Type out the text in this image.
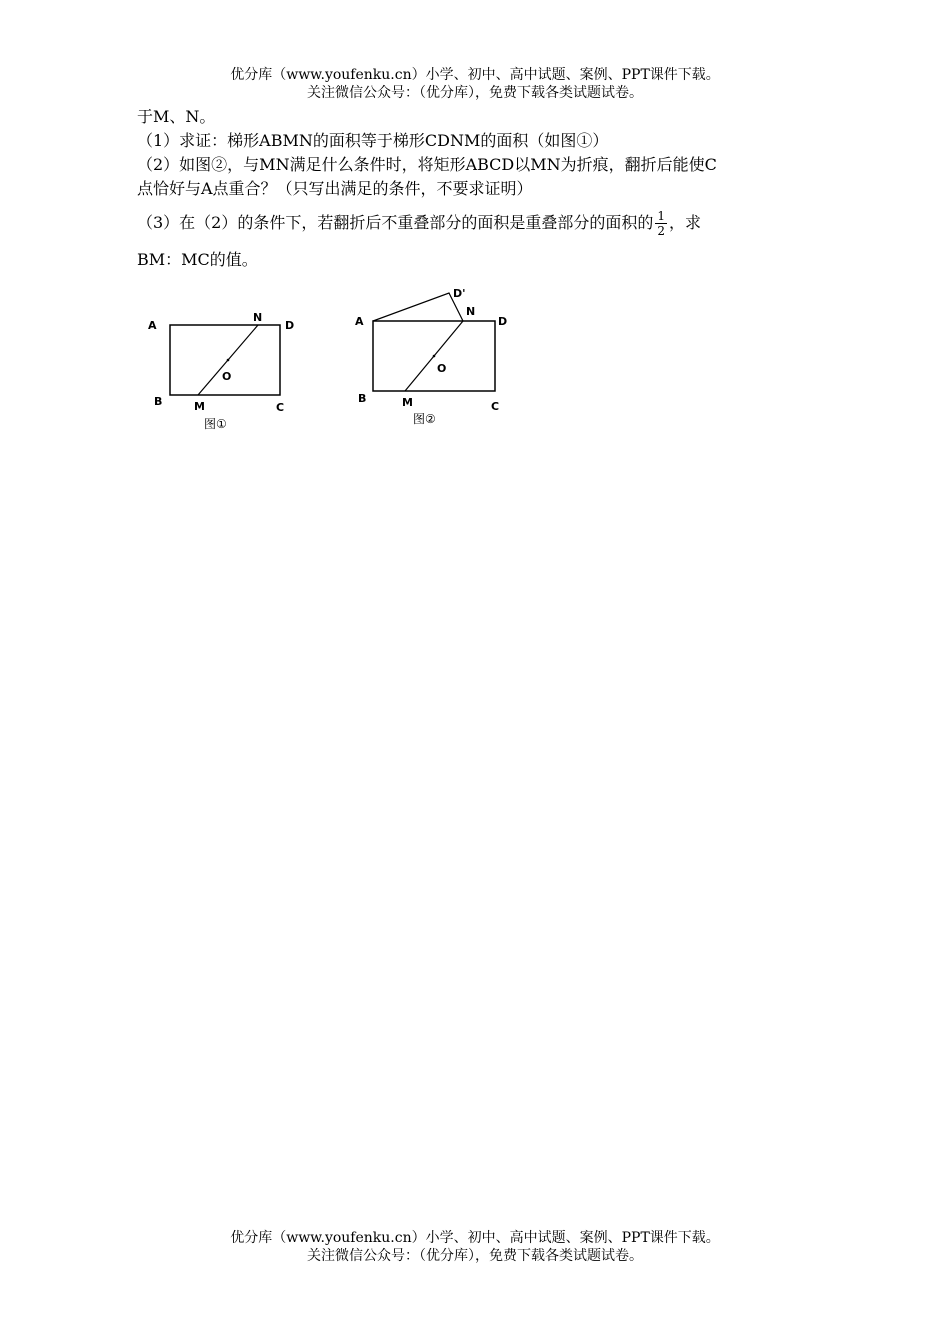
优分库（www.youfenku.cn）小学、初中、高中试题、案例、PPT课件下载。
关注微信公众号：（优分库），免费下载各类试题试卷。
于M、N。
（1）求证：梯形ABMN的面积等于梯形CDNM的面积（如图①）
（2）如图②，与MN满足什么条件时，将矩形ABCD以MN为折痕，翻折后能使C
点恰好与A点重合？（只写出满足的条件，不要求证明）
（3）在（2）的条件下，若翻折后不重叠部分的面积是重叠部分的面积的 $\frac{1}{2}$ ，求
BM：MC的值。
A
N
D
O
B	M	C
图①
D'
A
N
D
O
B	M	C
图②
优分库（www.youfenku.cn）小学、初中、高中试题、案例、PPT课件下载。
关注微信公众号：（优分库），免费下载各类试题试卷。
